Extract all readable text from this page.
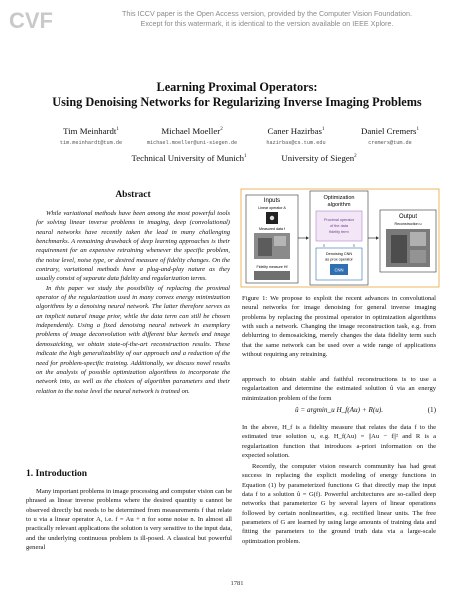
CVF	This ICCV paper is the Open Access version, provided by the Computer Vision Foundation.
Except for this watermark, it is identical to the version available on IEEE Xplore.
Learning Proximal Operators:
Using Denoising Networks for Regularizing Inverse Imaging Problems
Tim Meinhardt$^1$	Michael Moeller$^2$	Caner Hazirbas$^1$	Daniel Cremers$^1$
tim.meinhardt@tum.de	michael.moeller@uni-siegen.de	hazirbas@cs.tum.edu	cremers@tum.de
Technical University of Munich$^1$	University of Siegen$^2$
Abstract

While variational methods have been among the most powerful tools for solving linear inverse problems in imaging, deep (convolutional) neural networks have recently taken the lead in many challenging benchmarks. A remaining drawback of deep learning approaches is their requirement for an expensive retraining whenever the specific problem, the noise level, noise type, or desired measure of fidelity changes. On the contrary, variational methods have a plug-and-play nature as they usually consist of separate data fidelity and regularization terms.

In this paper we study the possibility of replacing the proximal operator of the regularization used in many convex energy minimization algorithms by a denoising neural network. The latter therefore serves as an implicit natural image prior, while the data term can still be chosen independently. Using a fixed denoising neural network in exemplary problems of image deconvolution with different blur kernels and image demosaicking, we obtain state-of-the-art reconstruction results. These indicate the high generalizability of our approach and a reduction of the need for problem-specific training. Additionally, we discuss novel results on the analysis of possible optimization algorithms to incorporate the network into, as well as the choices of algorithm parameters and their relation to the noise level the neural network is trained on.

1. Introduction

Many important problems in image processing and computer vision can be phrased as linear inverse problems where the desired quantity u cannot be observed directly but needs to be determined from measurements f that relate to u via a linear operator A, i.e. f = Au + n for some noise n. In almost all practically relevant applications the solution is very sensitive to the input data, and the underlying continuous problem is ill-posed. A classical but powerful general

Inputs
Linear operator A
Measured data f
Fidelity measure Hf
Optimization
algorithm
Proximal operator
of the data
fidelity term
Denoising CNN
as prox operator
CNN
Output
Reconstruction u
Figure 1: We propose to exploit the recent advances in convolutional neural networks for image denoising for general inverse imaging problems by replacing the proximal operator in optimization algorithms with such a network. Changing the image reconstruction task, e.g. from deblurring to demosaicking, merely changes the data fidelity term such that the same network can be used over a wide range of applications without requiring any retraining.
approach to obtain stable and faithful reconstructions is to use a regularization and determine the estimated solution û via an energy minimization problem of the form
û = argmin_u H_f(Au) + R(u).	(1)
In the above, H_f is a fidelity measure that relates the data f to the estimated true solution u, e.g. H_f(Au) = ||Au − f||² and R is a regularization function that introduces a-priori information on the expected solution.

Recently, the computer vision research community has had great success in replacing the explicit modeling of energy functions in Equation (1) by parameterized functions G that directly map the input data f to a solution û = G(f). Powerful architectures are so-called deep networks that parameterize G by several layers of linear operations followed by certain nonlinearities, e.g. rectified linear units. The free parameters of G are learned by using large amounts of training data and fitting the parameters to the ground truth data via a large-scale optimization problem.

1781
